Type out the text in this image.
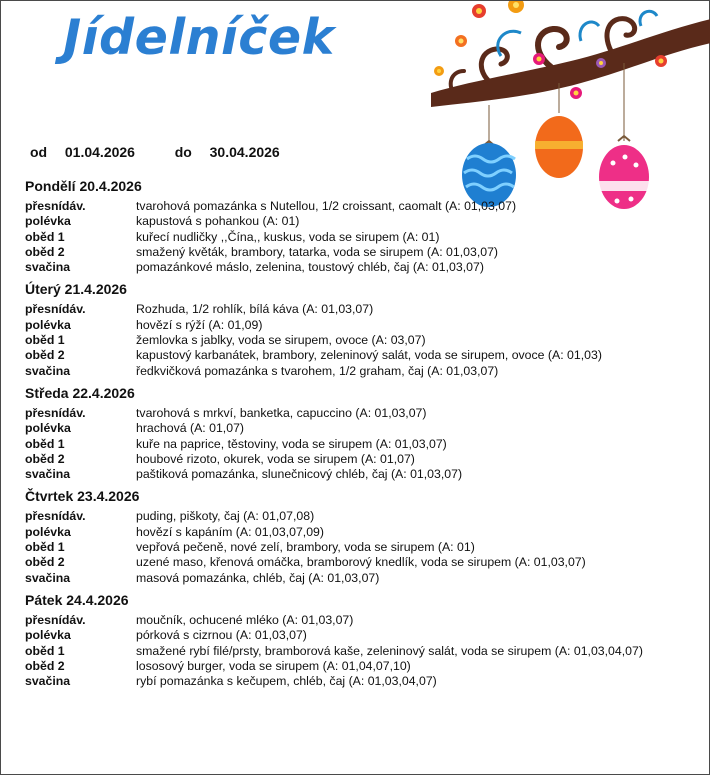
Jídelníček
od 01.04.2026	do 30.04.2026
Pondělí 20.4.2026
přesnídáv.	tvarohová pomazánka s Nutellou, 1/2 croissant, caomalt (A: 01,03,07)
polévka	kapustová s pohankou (A: 01)
oběd 1	kuřecí nudličky ,,Čína,, kuskus, voda se sirupem (A: 01)
oběd 2	smažený květák, brambory, tatarka, voda se sirupem (A: 01,03,07)
svačina	pomazánkové máslo, zelenina, toustový chléb, čaj (A: 01,03,07)
Úterý 21.4.2026
přesnídáv.	Rozhuda, 1/2 rohlík, bílá káva (A: 01,03,07)
polévka	hovězí s rýží (A: 01,09)
oběd 1	žemlovka s jablky, voda se sirupem, ovoce (A: 03,07)
oběd 2	kapustový karbanátek, brambory, zeleninový salát, voda se sirupem, ovoce (A: 01,03)
svačina	ředkvičková pomazánka s tvarohem, 1/2 graham, čaj (A: 01,03,07)
Středa 22.4.2026
přesnídáv.	tvarohová s mrkví, banketka, capuccino (A: 01,03,07)
polévka	hrachová (A: 01,07)
oběd 1	kuře na paprice, těstoviny, voda se sirupem (A: 01,03,07)
oběd 2	houbové rizoto, okurek, voda se sirupem (A: 01,07)
svačina	paštiková pomazánka, slunečnicový chléb, čaj (A: 01,03,07)
Čtvrtek 23.4.2026
přesnídáv.	puding, piškoty, čaj (A: 01,07,08)
polévka	hovězí s kapáním (A: 01,03,07,09)
oběd 1	vepřová pečeně, nové zelí, brambory, voda se sirupem (A: 01)
oběd 2	uzené maso, křenová omáčka, bramborový knedlík, voda se sirupem (A: 01,03,07)
svačina	masová pomazánka, chléb, čaj (A: 01,03,07)
Pátek 24.4.2026
přesnídáv.	moučník, ochucené mléko (A: 01,03,07)
polévka	pórková s cizrnou (A: 01,03,07)
oběd 1	smažené rybí filé/prsty, bramborová kaše, zeleninový salát, voda se sirupem (A: 01,03,04,07)
oběd 2	lososový burger, voda se sirupem (A: 01,04,07,10)
svačina	rybí pomazánka s kečupem, chléb, čaj (A: 01,03,04,07)
